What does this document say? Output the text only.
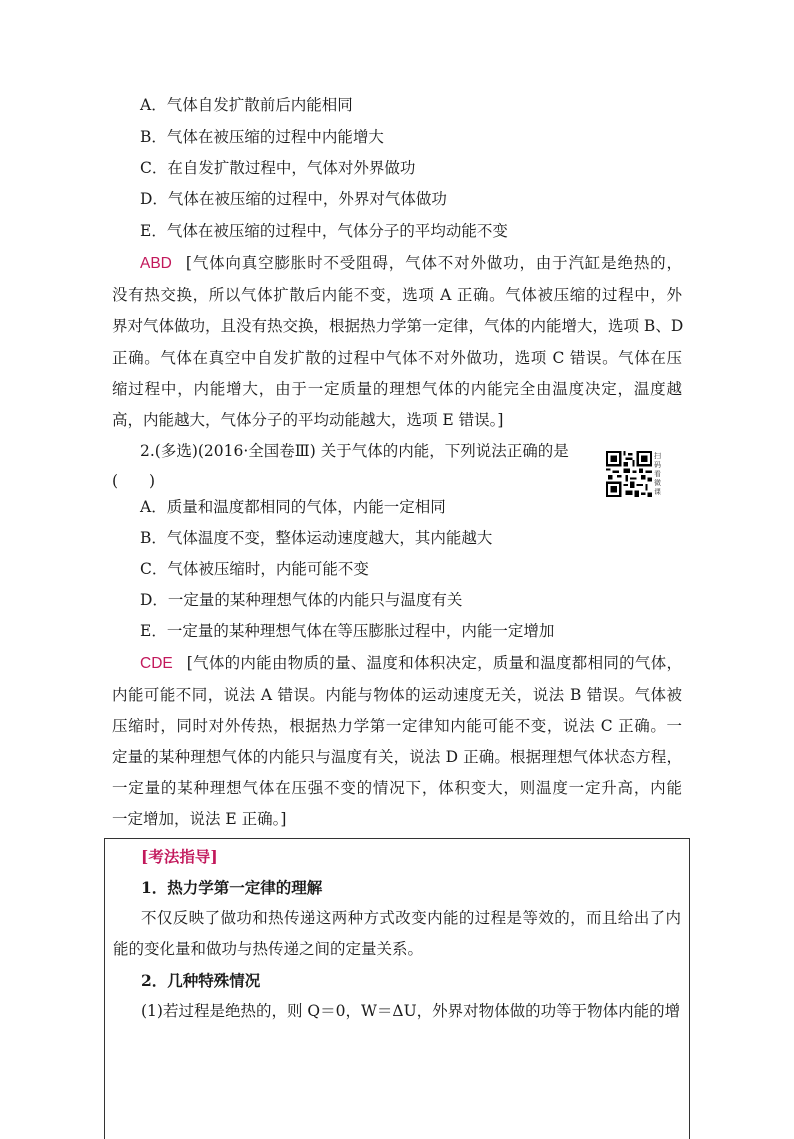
A．气体自发扩散前后内能相同
B．气体在被压缩的过程中内能增大
C．在自发扩散过程中，气体对外界做功
D．气体在被压缩的过程中，外界对气体做功
E．气体在被压缩的过程中，气体分子的平均动能不变
ABD [气体向真空膨胀时不受阻碍，气体不对外做功，由于汽缸是绝热的，
没有热交换，所以气体扩散后内能不变，选项 A 正确。气体被压缩的过程中，外
界对气体做功，且没有热交换，根据热力学第一定律，气体的内能增大，选项 B、D
正确。气体在真空中自发扩散的过程中气体不对外做功，选项 C 错误。气体在压
缩过程中，内能增大，由于一定质量的理想气体的内能完全由温度决定，温度越
高，内能越大，气体分子的平均动能越大，选项 E 错误。]
2.(多选)(2016·全国卷Ⅲ) 关于气体的内能，下列说法正确的是
(　　)
扫码看微课
A．质量和温度都相同的气体，内能一定相同
B．气体温度不变，整体运动速度越大，其内能越大
C．气体被压缩时，内能可能不变
D．一定量的某种理想气体的内能只与温度有关
E．一定量的某种理想气体在等压膨胀过程中，内能一定增加
CDE [气体的内能由物质的量、温度和体积决定，质量和温度都相同的气体，
内能可能不同，说法 A 错误。内能与物体的运动速度无关，说法 B 错误。气体被
压缩时，同时对外传热，根据热力学第一定律知内能可能不变，说法 C 正确。一
定量的某种理想气体的内能只与温度有关，说法 D 正确。根据理想气体状态方程，
一定量的某种理想气体在压强不变的情况下，体积变大，则温度一定升高，内能
一定增加，说法 E 正确。]
[考法指导]
1．热力学第一定律的理解
不仅反映了做功和热传递这两种方式改变内能的过程是等效的，而且给出了内
能的变化量和做功与热传递之间的定量关系。
2．几种特殊情况
(1)若过程是绝热的，则 Q＝0，W＝ΔU，外界对物体做的功等于物体内能的增
